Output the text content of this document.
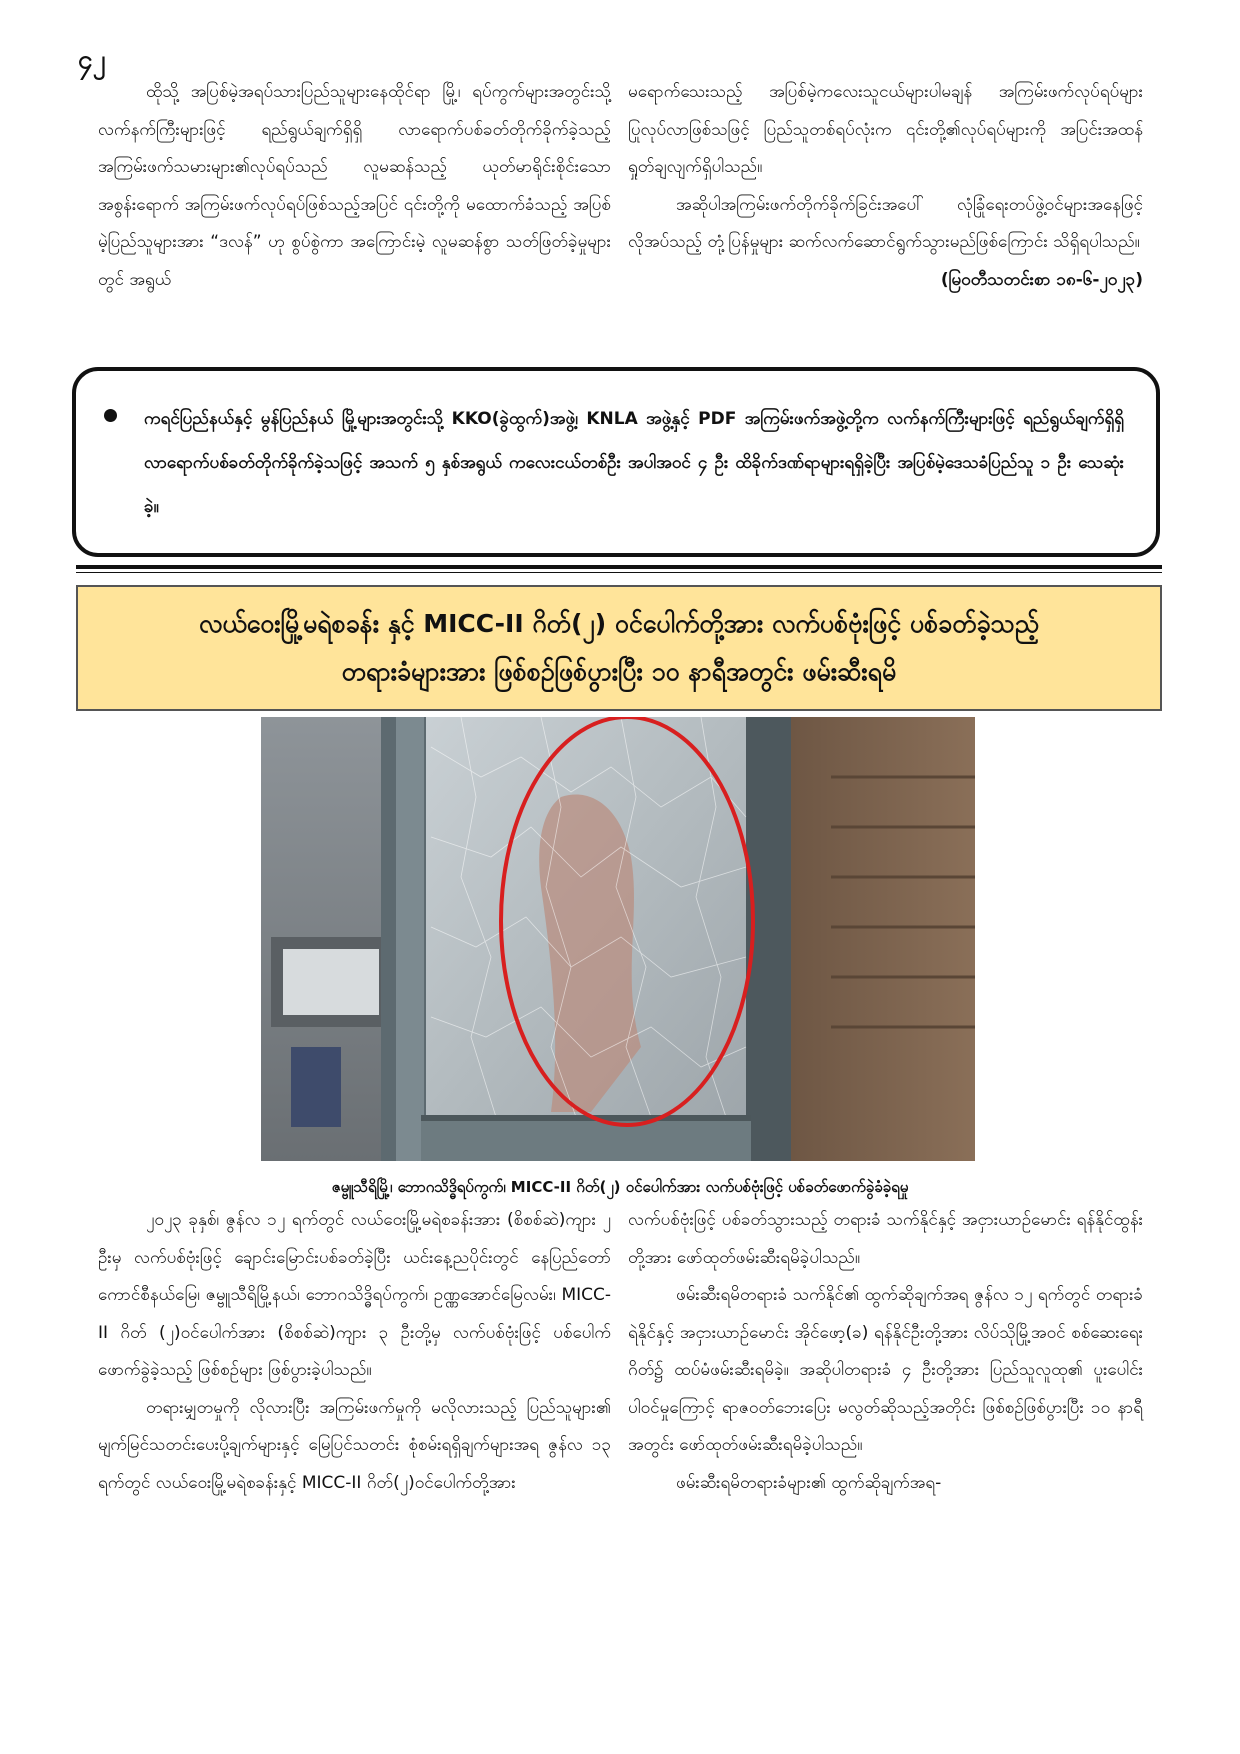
၄၂

ထိုသို့ အပြစ်မဲ့အရပ်သားပြည်သူများနေထိုင်ရာ မြို့၊ ရပ်ကွက်များအတွင်းသို့ လက်နက်ကြီးများဖြင့် ရည်ရွယ်ချက်ရှိရှိ လာရောက်ပစ်ခတ်တိုက်ခိုက်ခဲ့သည့် အကြမ်းဖက်သမားများ၏လုပ်ရပ်သည် လူမဆန်သည့် ယုတ်မာရိုင်းစိုင်းသော အစွန်းရောက် အကြမ်းဖက်လုပ်ရပ်ဖြစ်သည့်အပြင် ၎င်းတို့ကို မထောက်ခံသည့် အပြစ်မဲ့ပြည်သူများအား “ဒလန်” ဟု စွပ်စွဲကာ အကြောင်းမဲ့ လူမဆန်စွာ သတ်ဖြတ်ခဲ့မှုများတွင် အရွယ်

မရောက်သေးသည့် အပြစ်မဲ့ကလေးသူငယ်များပါမချန် အကြမ်းဖက်လုပ်ရပ်များ ပြုလုပ်လာဖြစ်သဖြင့် ပြည်သူတစ်ရပ်လုံးက ၎င်းတို့၏လုပ်ရပ်များကို အပြင်းအထန် ရှုတ်ချလျက်ရှိပါသည်။

အဆိုပါအကြမ်းဖက်တိုက်ခိုက်ခြင်းအပေါ် လုံခြုံရေးတပ်ဖွဲ့ဝင်များအနေဖြင့် လိုအပ်သည့် တုံ့ပြန်မှုများ ဆက်လက်ဆောင်ရွက်သွားမည်ဖြစ်ကြောင်း သိရှိရပါသည်။

(မြဝတီသတင်းစာ ၁၈-၆-၂၀၂၃)

ကရင်ပြည်နယ်နှင့် မွန်ပြည်နယ် မြို့များအတွင်းသို့ KKO(ခွဲထွက်)အဖွဲ့၊ KNLA အဖွဲ့နှင့် PDF အကြမ်းဖက်အဖွဲ့တို့က လက်နက်ကြီးများဖြင့် ရည်ရွယ်ချက်ရှိရှိ လာရောက်ပစ်ခတ်တိုက်ခိုက်ခဲ့သဖြင့် အသက် ၅ နှစ်အရွယ် ကလေးငယ်တစ်ဦး အပါအဝင် ၄ ဦး ထိခိုက်ဒဏ်ရာများရရှိခဲ့ပြီး အပြစ်မဲ့ဒေသခံပြည်သူ ၁ ဦး သေဆုံးခဲ့။
လယ်ဝေးမြို့မရဲစခန်း နှင့် MICC-II ဂိတ်(၂) ဝင်ပေါက်တို့အား လက်ပစ်ဗုံးဖြင့် ပစ်ခတ်ခဲ့သည့်
တရားခံများအား ဖြစ်စဉ်ဖြစ်ပွားပြီး ၁၀ နာရီအတွင်း ဖမ်းဆီးရမိ
ဇမ္ဗူသီရိမြို့၊ ဘောဂသိဒ္ဓိရပ်ကွက်၊ MICC-II ဂိတ်(၂) ဝင်ပေါက်အား လက်ပစ်ဗုံးဖြင့် ပစ်ခတ်ဖောက်ခွဲခံခဲ့ရမှု

၂၀၂၃ ခုနှစ်၊ ဇွန်လ ၁၂ ရက်တွင် လယ်ဝေးမြို့မရဲစခန်းအား (စိစစ်ဆဲ)ကျား ၂ ဦးမှ လက်ပစ်ဗုံးဖြင့် ချောင်းမြောင်းပစ်ခတ်ခဲ့ပြီး ယင်းနေ့ညပိုင်းတွင် နေပြည်တော်ကောင်စီနယ်မြေ၊ ဇမ္ဗူသီရိမြို့နယ်၊ ဘောဂသိဒ္ဓိရပ်ကွက်၊ ဥဏ္ဏအောင်မြေလမ်း၊ MICC-II ဂိတ် (၂)ဝင်ပေါက်အား (စိစစ်ဆဲ)ကျား ၃ ဦးတို့မှ လက်ပစ်ဗုံးဖြင့် ပစ်ပေါက်ဖောက်ခွဲခဲ့သည့် ဖြစ်စဉ်များ ဖြစ်ပွားခဲ့ပါသည်။

တရားမျှတမှုကို လိုလားပြီး အကြမ်းဖက်မှုကို မလိုလားသည့် ပြည်သူများ၏ မျက်မြင်သတင်းပေးပို့ချက်များနှင့် မြေပြင်သတင်း စုံစမ်းရရှိချက်များအရ ဇွန်လ ၁၃ ရက်တွင် လယ်ဝေးမြို့မရဲစခန်းနှင့် MICC-II ဂိတ်(၂)ဝင်ပေါက်တို့အား

လက်ပစ်ဗုံးဖြင့် ပစ်ခတ်သွားသည့် တရားခံ သက်နိုင်နှင့် အငှားယာဉ်မောင်း ရန်နိုင်ထွန်းတို့အား ဖော်ထုတ်ဖမ်းဆီးရမိခဲ့ပါသည်။

ဖမ်းဆီးရမိတရားခံ သက်နိုင်၏ ထွက်ဆိုချက်အရ ဇွန်လ ၁၂ ရက်တွင် တရားခံ ရဲနိုင်နှင့် အငှားယာဉ်မောင်း အိုင်ဖော့(ခ) ရန်နိုင်ဦးတို့အား လိပ်သိုမြို့အဝင် စစ်ဆေးရေးဂိတ်၌ ထပ်မံဖမ်းဆီးရမိခဲ့။ အဆိုပါတရားခံ ၄ ဦးတို့အား ပြည်သူလူထု၏ ပူးပေါင်းပါဝင်မှုကြောင့် ရာဇဝတ်ဘေးပြေး မလွတ်ဆိုသည့်အတိုင်း ဖြစ်စဉ်ဖြစ်ပွားပြီး ၁၀ နာရီ အတွင်း ဖော်ထုတ်ဖမ်းဆီးရမိခဲ့ပါသည်။

ဖမ်းဆီးရမိတရားခံများ၏ ထွက်ဆိုချက်အရ-
